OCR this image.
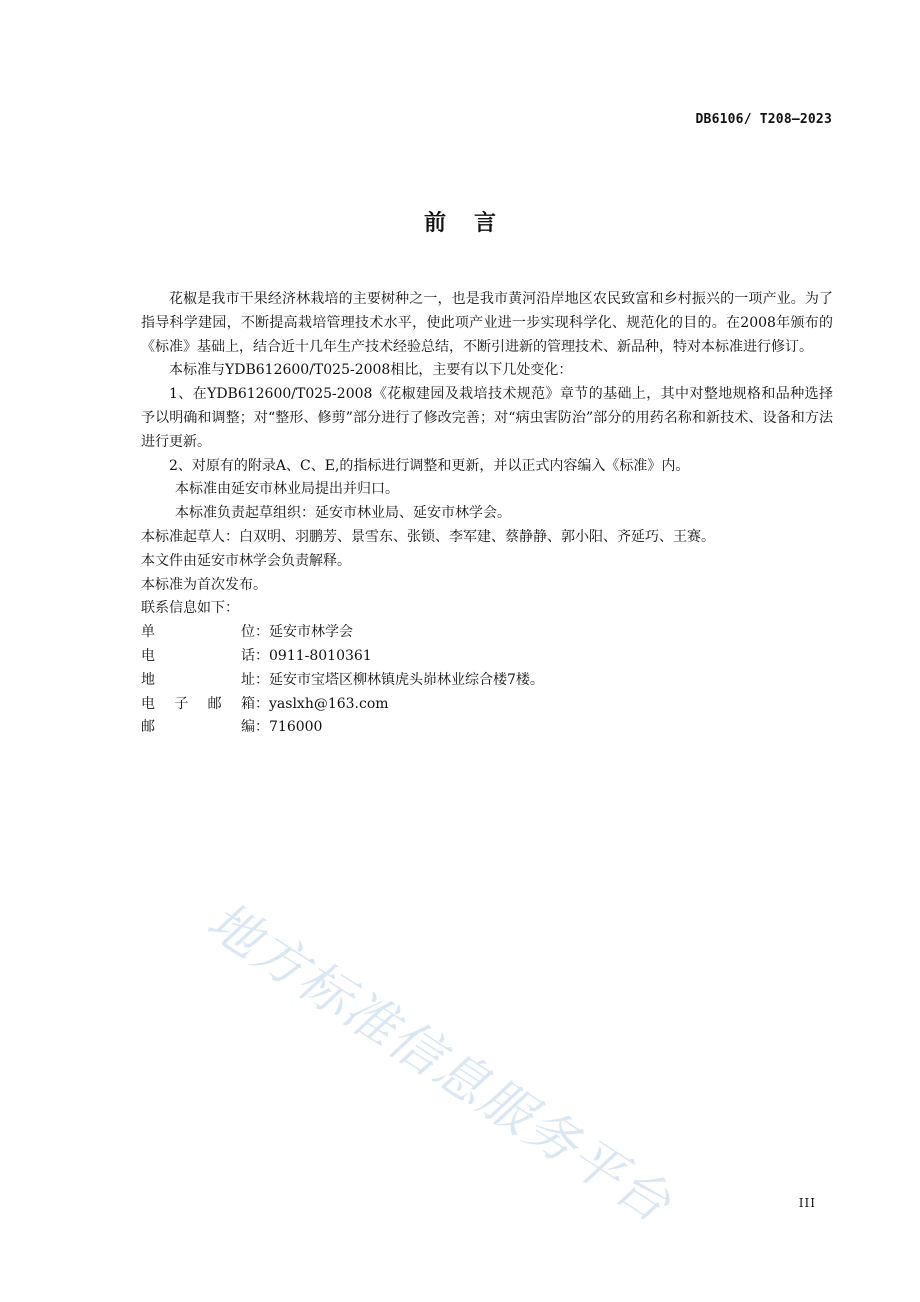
DB6106/ T208—2023
前言

花椒是我市干果经济林栽培的主要树种之一，也是我市黄河沿岸地区农民致富和乡村振兴的一项产业。为了指导科学建园，不断提高栽培管理技术水平，使此项产业进一步实现科学化、规范化的目的。在2008年颁布的《标准》基础上，结合近十几年生产技术经验总结，不断引进新的管理技术、新品种，特对本标准进行修订。

本标准与YDB612600/T025-2008相比，主要有以下几处变化：

1、在YDB612600/T025-2008《花椒建园及栽培技术规范》章节的基础上，其中对整地规格和品种选择予以明确和调整；对“整形、修剪”部分进行了修改完善；对“病虫害防治”部分的用药名称和新技术、设备和方法进行更新。

2、对原有的附录A、C、E,的指标进行调整和更新，并以正式内容编入《标准》内。

本标准由延安市林业局提出并归口。

本标准负责起草组织：延安市林业局、延安市林学会。

本标准起草人：白双明、羽鹏芳、景雪东、张锁、李军建、蔡静静、郭小阳、齐延巧、王赛。

本文件由延安市林学会负责解释。

本标准为首次发布。

联系信息如下：

单	位 ：延安市林学会
电	话 ：0911-8010361
地	址 ：延安市宝塔区柳林镇虎头峁林业综合楼7楼。
电 子 邮 箱 ：yaslxh@163.com
邮	编 ：716000
地方标准信息服务平台	III
